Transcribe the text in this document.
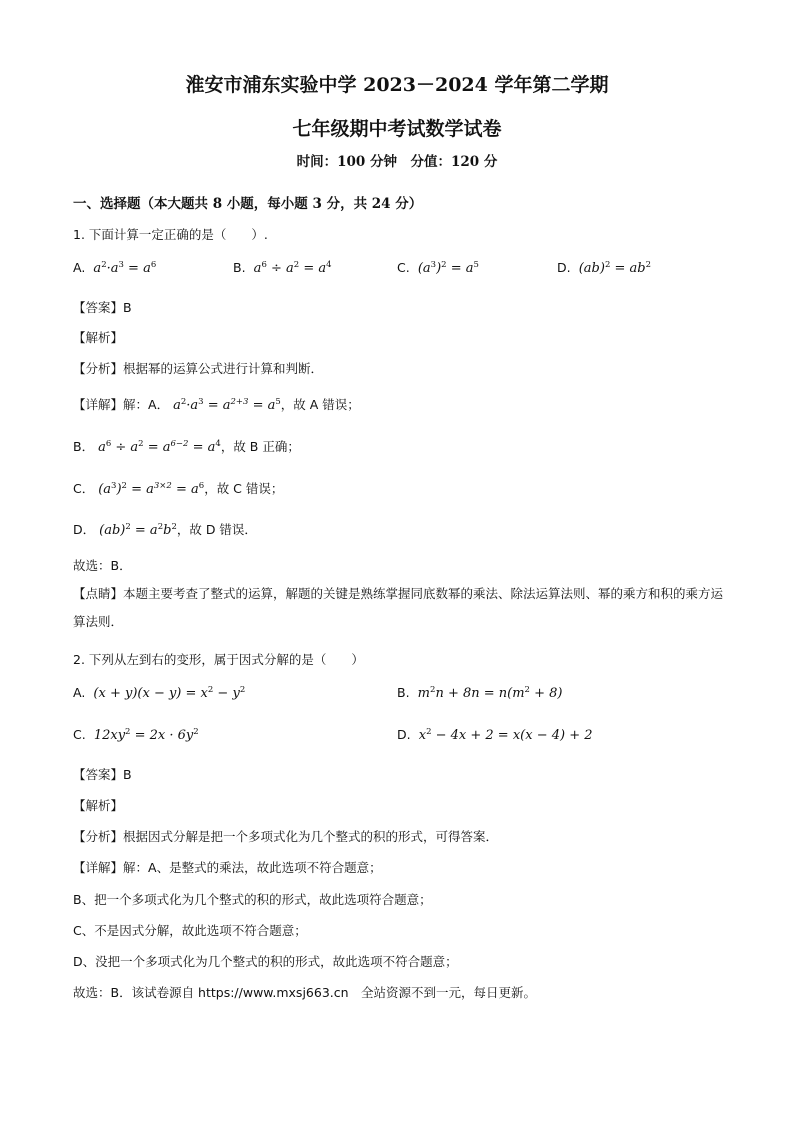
淮安市浦东实验中学 2023－2024 学年第二学期
七年级期中考试数学试卷
时间：100 分钟　分值：120 分
一、选择题（本大题共 8 小题，每小题 3 分，共 24 分）
1. 下面计算一定正确的是（　　）.
A.  $a^2\cdot a^3 = a^6$	B.  $a^6 \div a^2 = a^4$	C.  $(a^3)^2 = a^5$	D.  $(ab)^2 = ab^2$
【答案】B
【解析】
【分析】根据幂的运算公式进行计算和判断．
【详解】解：A． $a^2\cdot a^3 = a^{2+3} = a^5$，故 A 错误；
B． $a^6 \div a^2 = a^{6-2} = a^4$，故 B 正确；
C． $(a^3)^2 = a^{3\times 2} = a^6$，故 C 错误；
D． $(ab)^2 = a^2b^2$，故 D 错误．
故选：B．
【点睛】本题主要考查了整式的运算，解题的关键是熟练掌握同底数幂的乘法、除法运算法则、幂的乘方和积的乘方运算法则．
2. 下列从左到右的变形，属于因式分解的是（　　）
A.  $(x + y)(x - y) = x^2 - y^2$	B.  $m^2n + 8n = n(m^2 + 8)$
C.  $12xy^2 = 2x \cdot 6y^2$	D.  $x^2 - 4x + 2 = x(x - 4) + 2$
【答案】B
【解析】
【分析】根据因式分解是把一个多项式化为几个整式的积的形式，可得答案．
【详解】解：A、是整式的乘法，故此选项不符合题意；
B、把一个多项式化为几个整式的积的形式，故此选项符合题意；
C、不是因式分解，故此选项不符合题意；
D、没把一个多项式化为几个整式的积的形式，故此选项不符合题意；
故选：B．该试卷源自 https://www.mxsj663.cn　全站资源不到一元，每日更新。
